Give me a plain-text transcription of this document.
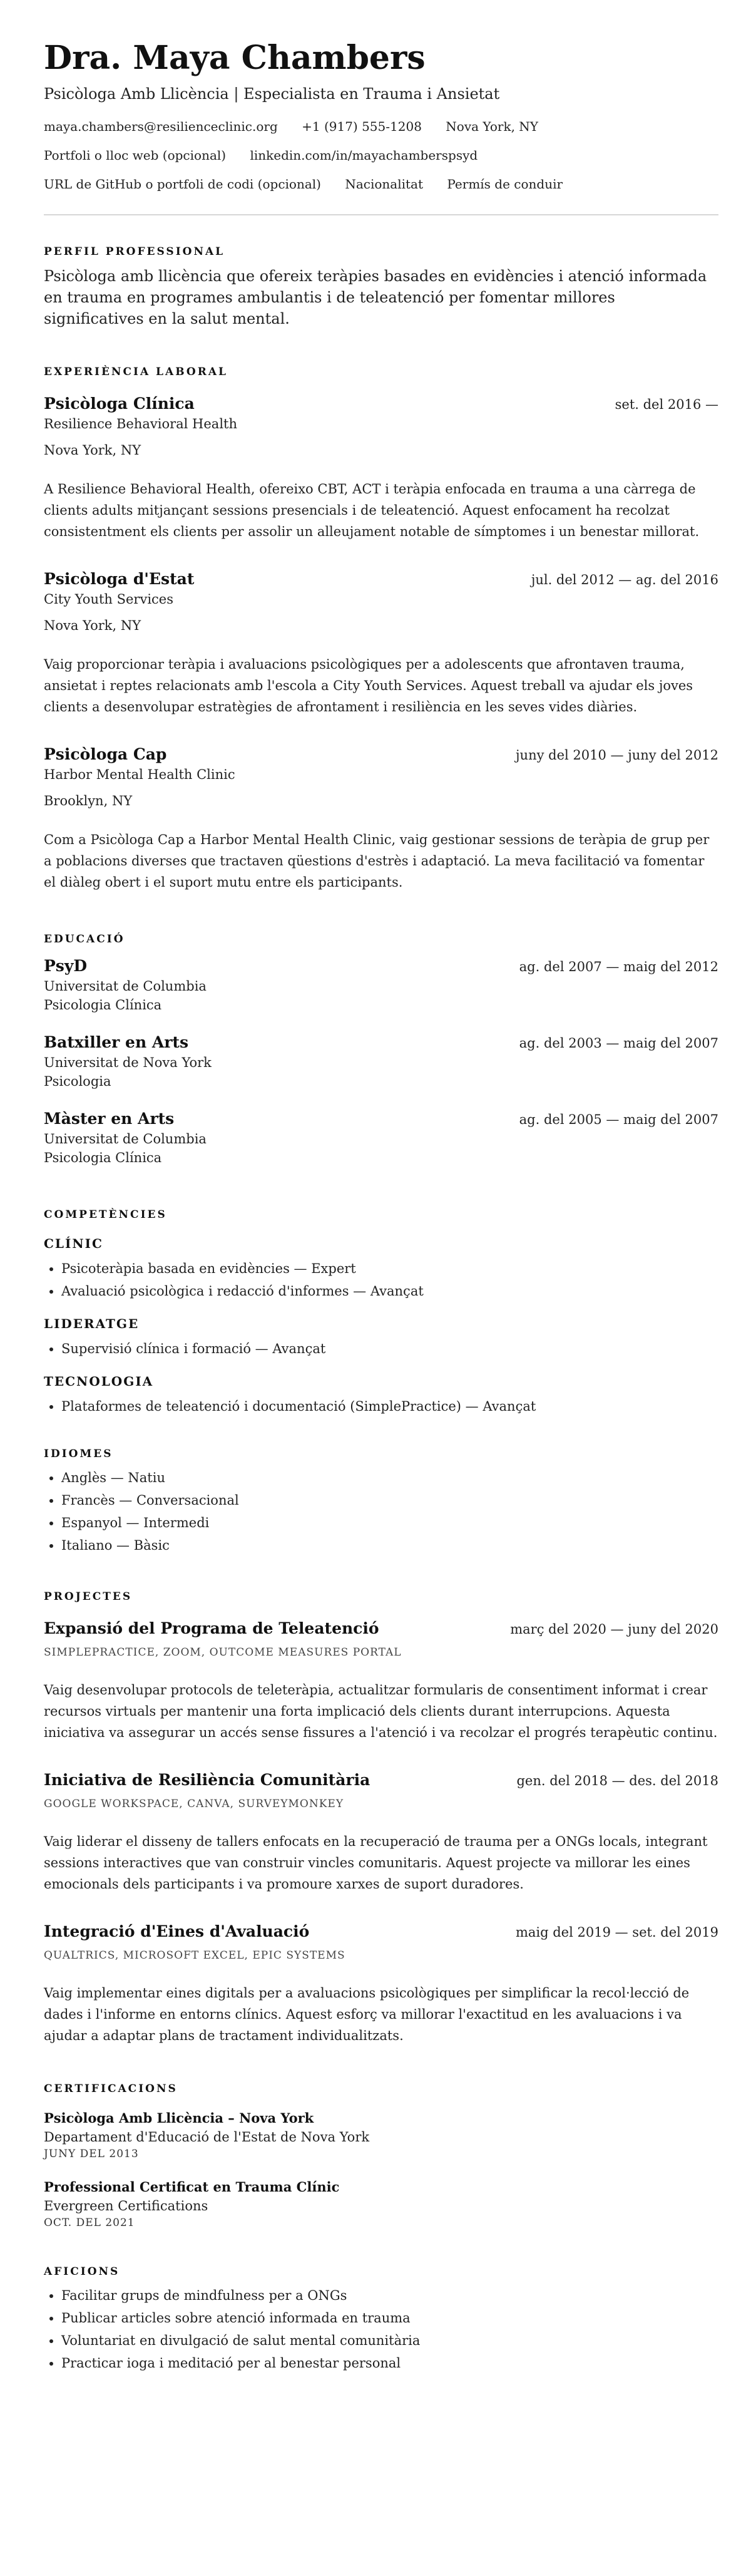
Dra. Maya Chambers
Psicòloga Amb Llicència | Especialista en Trauma i Ansietat
maya.chambers@resilienceclinic.org +1 (917) 555-1208 Nova York, NY
Portfoli o lloc web (opcional) linkedin.com/in/mayachamberspsyd
URL de GitHub o portfoli de codi (opcional) Nacionalitat Permís de conduir
PERFIL PROFESSIONAL
Psicòloga amb llicència que ofereix teràpies basades en evidències i atenció informada en trauma en programes ambulantis i de teleatenció per fomentar millores significatives en la salut mental.
EXPERIÈNCIA LABORAL
Psicòloga Clínica	set. del 2016 —
Resilience Behavioral Health
Nova York, NY
A Resilience Behavioral Health, ofereixo CBT, ACT i teràpia enfocada en trauma a una càrrega de clients adults mitjançant sessions presencials i de teleatenció. Aquest enfocament ha recolzat consistentment els clients per assolir un alleujament notable de símptomes i un benestar millorat.
Psicòloga d'Estat	jul. del 2012 — ag. del 2016
City Youth Services
Nova York, NY
Vaig proporcionar teràpia i avaluacions psicològiques per a adolescents que afrontaven trauma, ansietat i reptes relacionats amb l'escola a City Youth Services. Aquest treball va ajudar els joves clients a desenvolupar estratègies de afrontament i resiliència en les seves vides diàries.
Psicòloga Cap	juny del 2010 — juny del 2012
Harbor Mental Health Clinic
Brooklyn, NY
Com a Psicòloga Cap a Harbor Mental Health Clinic, vaig gestionar sessions de teràpia de grup per a poblacions diverses que tractaven qüestions d'estrès i adaptació. La meva facilitació va fomentar el diàleg obert i el suport mutu entre els participants.
EDUCACIÓ
PsyD	ag. del 2007 — maig del 2012
Universitat de Columbia
Psicologia Clínica
Batxiller en Arts	ag. del 2003 — maig del 2007
Universitat de Nova York
Psicologia
Màster en Arts	ag. del 2005 — maig del 2007
Universitat de Columbia
Psicologia Clínica
COMPETÈNCIES
CLÍNIC
• Psicoteràpia basada en evidències — Expert
• Avaluació psicològica i redacció d'informes — Avançat
LIDERATGE
• Supervisió clínica i formació — Avançat
TECNOLOGIA
• Plataformes de teleatenció i documentació (SimplePractice) — Avançat
IDIOMES
• Anglès — Natiu
• Francès — Conversacional
• Espanyol — Intermedi
• Italiano — Bàsic
PROJECTES
Expansió del Programa de Teleatenció	març del 2020 — juny del 2020
SIMPLEPRACTICE, ZOOM, OUTCOME MEASURES PORTAL
Vaig desenvolupar protocols de teleteràpia, actualitzar formularis de consentiment informat i crear recursos virtuals per mantenir una forta implicació dels clients durant interrupcions. Aquesta iniciativa va assegurar un accés sense fissures a l'atenció i va recolzar el progrés terapèutic continu.
Iniciativa de Resiliència Comunitària	gen. del 2018 — des. del 2018
GOOGLE WORKSPACE, CANVA, SURVEYMONKEY
Vaig liderar el disseny de tallers enfocats en la recuperació de trauma per a ONGs locals, integrant sessions interactives que van construir vincles comunitaris. Aquest projecte va millorar les eines emocionals dels participants i va promoure xarxes de suport duradores.
Integració d'Eines d'Avaluació	maig del 2019 — set. del 2019
QUALTRICS, MICROSOFT EXCEL, EPIC SYSTEMS
Vaig implementar eines digitals per a avaluacions psicològiques per simplificar la recol·lecció de dades i l'informe en entorns clínics. Aquest esforç va millorar l'exactitud en les avaluacions i va ajudar a adaptar plans de tractament individualitzats.
CERTIFICACIONS
Psicòloga Amb Llicència – Nova York
Departament d'Educació de l'Estat de Nova York
JUNY DEL 2013
Professional Certificat en Trauma Clínic
Evergreen Certifications
OCT. DEL 2021
AFICIONS
• Facilitar grups de mindfulness per a ONGs
• Publicar articles sobre atenció informada en trauma
• Voluntariat en divulgació de salut mental comunitària
• Practicar ioga i meditació per al benestar personal
